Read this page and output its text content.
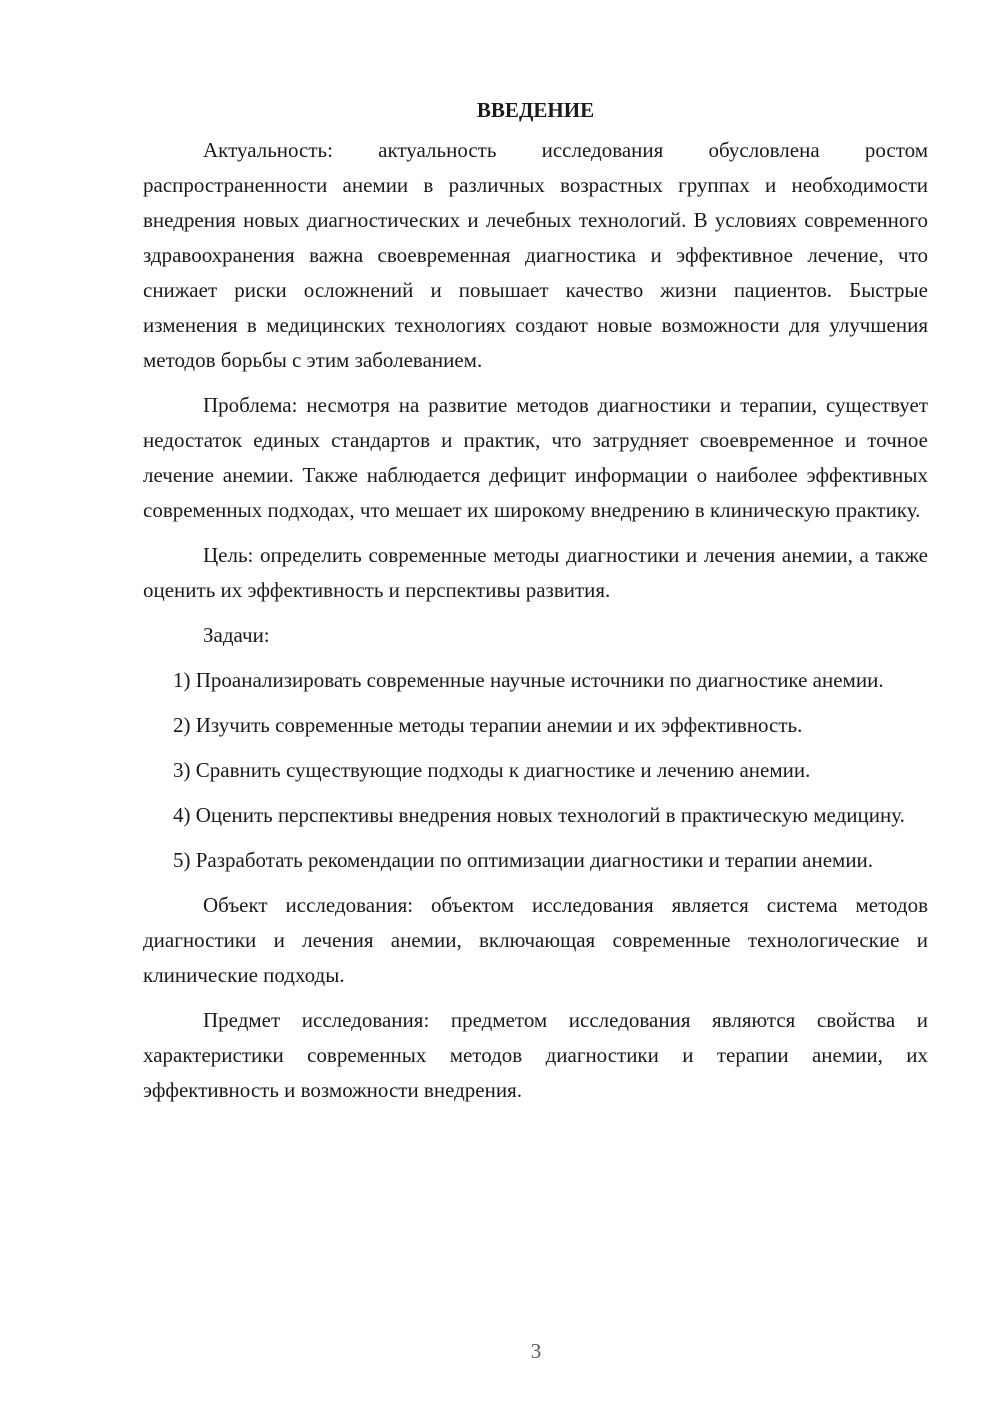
ВВЕДЕНИЕ

Актуальность: актуальность исследования обусловлена ростом распространенности анемии в различных возрастных группах и необходимости внедрения новых диагностических и лечебных технологий. В условиях современного здравоохранения важна своевременная диагностика и эффективное лечение, что снижает риски осложнений и повышает качество жизни пациентов. Быстрые изменения в медицинских технологиях создают новые возможности для улучшения методов борьбы с этим заболеванием.

Проблема: несмотря на развитие методов диагностики и терапии, существует недостаток единых стандартов и практик, что затрудняет своевременное и точное лечение анемии. Также наблюдается дефицит информации о наиболее эффективных современных подходах, что мешает их широкому внедрению в клиническую практику.

Цель: определить современные методы диагностики и лечения анемии, а также оценить их эффективность и перспективы развития.

Задачи:

1) Проанализировать современные научные источники по диагностике анемии.

2) Изучить современные методы терапии анемии и их эффективность.

3) Сравнить существующие подходы к диагностике и лечению анемии.

4) Оценить перспективы внедрения новых технологий в практическую медицину.

5) Разработать рекомендации по оптимизации диагностики и терапии анемии.

Объект исследования: объектом исследования является система методов диагностики и лечения анемии, включающая современные технологические и клинические подходы.

Предмет исследования: предметом исследования являются свойства и характеристики современных методов диагностики и терапии анемии, их эффективность и возможности внедрения.

3
